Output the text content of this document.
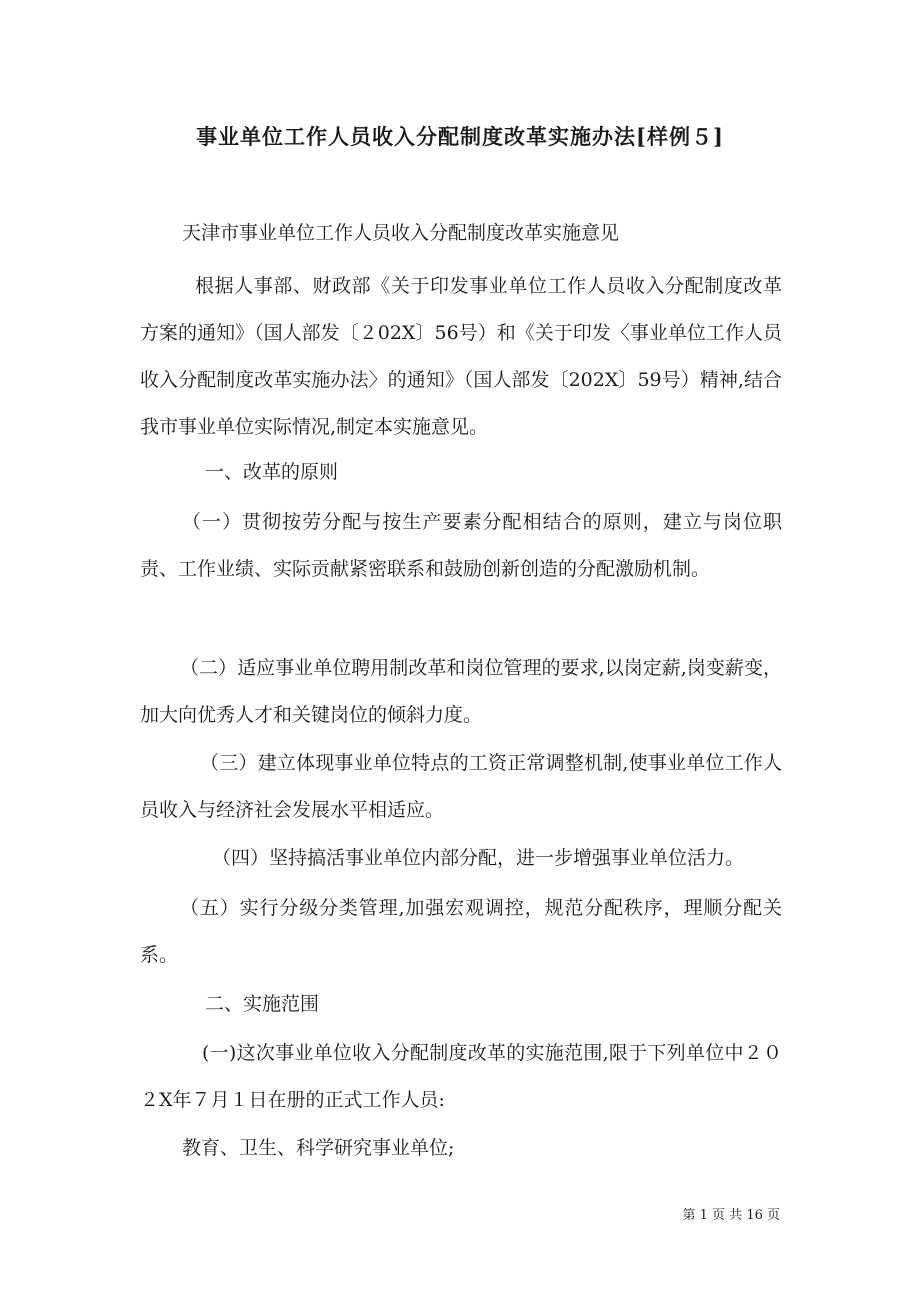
事业单位工作人员收入分配制度改革实施办法[样例５]
天津市事业单位工作人员收入分配制度改革实施意见
根据人事部、财政部《关于印发事业单位工作人员收入分配制度改革方案的通知》（国人部发〔２02X〕56号）和《关于印发〈事业单位工作人员收入分配制度改革实施办法〉的通知》（国人部发〔202X〕59号）精神,结合我市事业单位实际情况,制定本实施意见。
一、改革的原则
（一）贯彻按劳分配与按生产要素分配相结合的原则，建立与岗位职责、工作业绩、实际贡献紧密联系和鼓励创新创造的分配激励机制。
（二）适应事业单位聘用制改革和岗位管理的要求,以岗定薪,岗变薪变，加大向优秀人才和关键岗位的倾斜力度。
（三）建立体现事业单位特点的工资正常调整机制,使事业单位工作人员收入与经济社会发展水平相适应。
（四）坚持搞活事业单位内部分配，进一步增强事业单位活力。
（五）实行分级分类管理,加强宏观调控，规范分配秩序，理顺分配关系。
二、实施范围
(一)这次事业单位收入分配制度改革的实施范围,限于下列单位中２０２X年７月１日在册的正式工作人员:
教育、卫生、科学研究事业单位;
第 1 页 共 16 页
